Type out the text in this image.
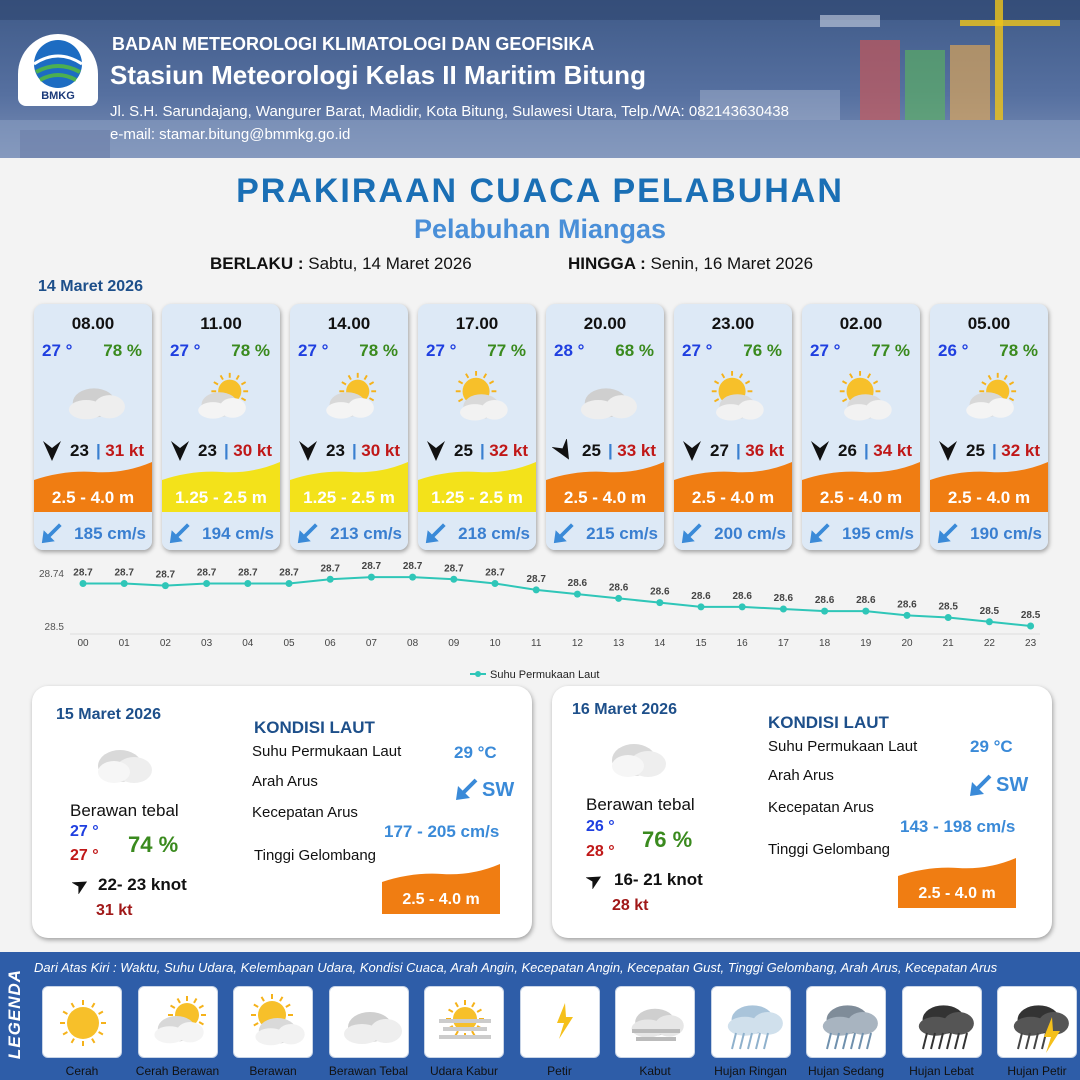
BMKG
BADAN METEOROLOGI KLIMATOLOGI DAN GEOFISIKA
Stasiun Meteorologi Kelas II Maritim Bitung
Jl. S.H. Sarundajang, Wangurer Barat, Madidir, Kota Bitung, Sulawesi Utara, Telp./WA: 082143630438
e-mail: stamar.bitung@bmmkg.go.id
PRAKIRAAN CUACA PELABUHAN
Pelabuhan Miangas
BERLAKU : Sabtu, 14 Maret 2026	HINGGA : Senin, 16 Maret 2026
14 Maret 2026
08.00
27 ° 78 %
23 | 31 kt
2.5 - 4.0 m
185 cm/s
11.00
27 ° 78 %
23 | 30 kt
1.25 - 2.5 m
194 cm/s
14.00
27 ° 78 %
23 | 30 kt
1.25 - 2.5 m
213 cm/s
17.00
27 ° 77 %
25 | 32 kt
1.25 - 2.5 m
218 cm/s
20.00
28 ° 68 %
25 | 33 kt
2.5 - 4.0 m
215 cm/s
23.00
27 ° 76 %
27 | 36 kt
2.5 - 4.0 m
200 cm/s
02.00
27 ° 77 %
26 | 34 kt
2.5 - 4.0 m
195 cm/s
05.00
26 ° 78 %
25 | 32 kt
2.5 - 4.0 m
190 cm/s
28.74
28.5
28.7
00
28.7
01
28.7
02
28.7
03
28.7
04
28.7
05
28.7
06
28.7
07
28.7
08
28.7
09
28.7
10
28.7
11
28.6
12
28.6
13
28.6
14
28.6
15
28.6
16
28.6
17
28.6
18
28.6
19
28.6
20
28.5
21
28.5
22
28.5
23
Suhu Permukaan Laut
15 Maret 2026
Berawan tebal
27 °
27 ° 74 %
22- 23 knot
31 kt
KONDISI LAUT
Suhu Permukaan Laut	29 °C
Arah Arus	SW
Kecepatan Arus
177 - 205 cm/s
Tinggi Gelombang
2.5 - 4.0 m
16 Maret 2026
Berawan tebal
26 °
28 ° 76 %
16- 21 knot
28 kt
KONDISI LAUT
Suhu Permukaan Laut	29 °C
Arah Arus	SW
Kecepatan Arus
143 - 198 cm/s
Tinggi Gelombang
2.5 - 4.0 m
LEGENDA
Dari Atas Kiri : Waktu, Suhu Udara, Kelembapan Udara, Kondisi Cuaca, Arah Angin, Kecepatan Angin, Kecepatan Gust, Tinggi Gelombang, Arah Arus, Kecepatan Arus
Cerah	Cerah Berawan	Berawan	Berawan Tebal	Udara Kabur	Petir	Kabut	Hujan Ringan	Hujan Sedang	Hujan Lebat	Hujan Petir
